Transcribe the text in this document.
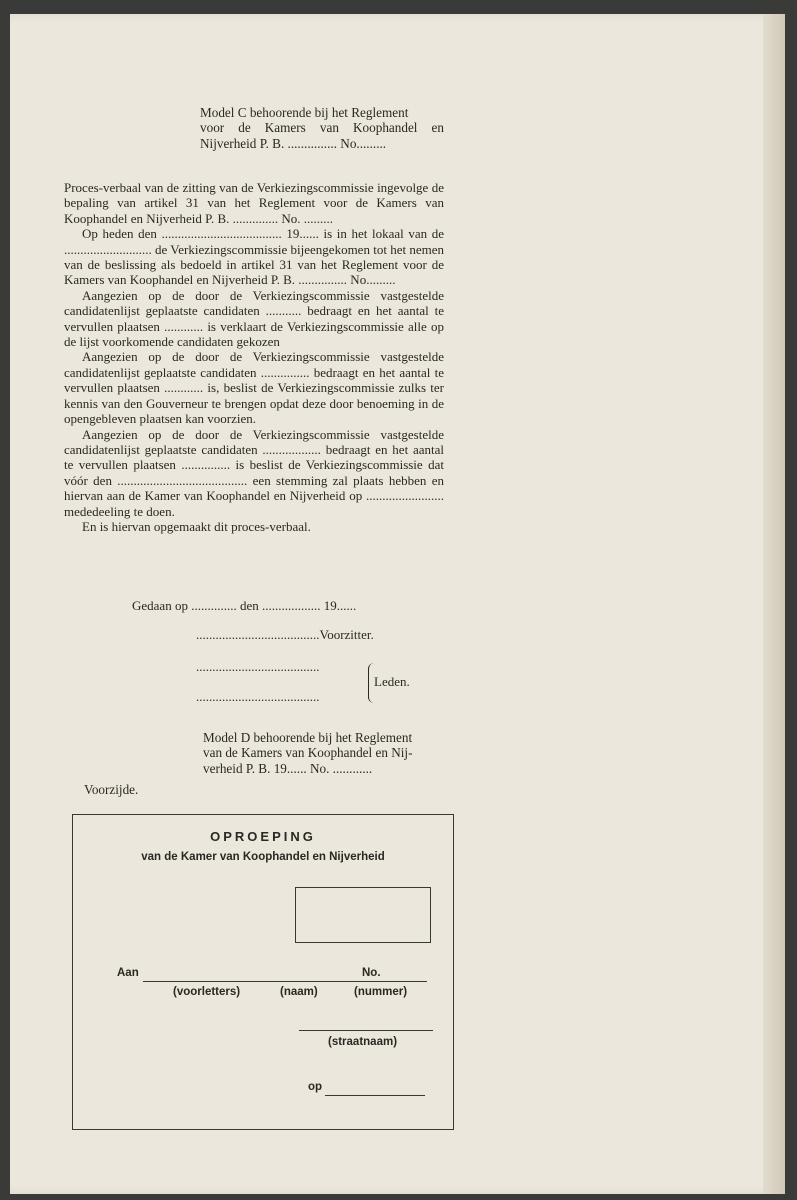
Model C behoorende bij het Reglement
voor de Kamers van Koophandel en
Nijverheid P. B. ............... No.........

Proces-verbaal van de zitting van de Verkiezingscommissie ingevolge de bepaling van artikel 31 van het Reglement voor de Kamers van Koophandel en Nijverheid P. B. .............. No. .........

Op heden den ..................................... 19...... is in het lokaal van de ........................... de Verkiezingscommissie bijeengekomen tot het nemen van de beslissing als bedoeld in artikel 31 van het Reglement voor de Kamers van Koophandel en Nijverheid P. B. ............... No.........

Aangezien op de door de Verkiezingscommissie vastgestelde candidatenlijst geplaatste candidaten ........... bedraagt en het aantal te vervullen plaatsen ............ is verklaart de Verkiezingscommissie alle op de lijst voorkomende candidaten gekozen

Aangezien op de door de Verkiezingscommissie vastgestelde candidatenlijst geplaatste candidaten ............... bedraagt en het aantal te vervullen plaatsen ............ is, beslist de Verkiezingscommissie zulks ter kennis van den Gouverneur te brengen opdat deze door benoeming in de opengebleven plaatsen kan voorzien.

Aangezien op de door de Verkiezingscommissie vastgestelde candidatenlijst geplaatste candidaten .................. bedraagt en het aantal te vervullen plaatsen ............... is beslist de Verkiezingscommissie dat vóór den ........................................ een stemming zal plaats hebben en hiervan aan de Kamer van Koophandel en Nijverheid op ........................ mededeeling te doen.

En is hiervan opgemaakt dit proces-verbaal.

Gedaan op .............. den .................. 19......
......................................Voorzitter.
......................................
......................................
Leden.
Model D behoorende bij het Reglement
van de Kamers van Koophandel en Nij-
verheid P. B. 19...... No. ............
Voorzijde.
OPROEPING
van de Kamer van Koophandel en Nijverheid
Aan	No.
(voorletters)	(naam)	(nummer)
(straatnaam)
op
